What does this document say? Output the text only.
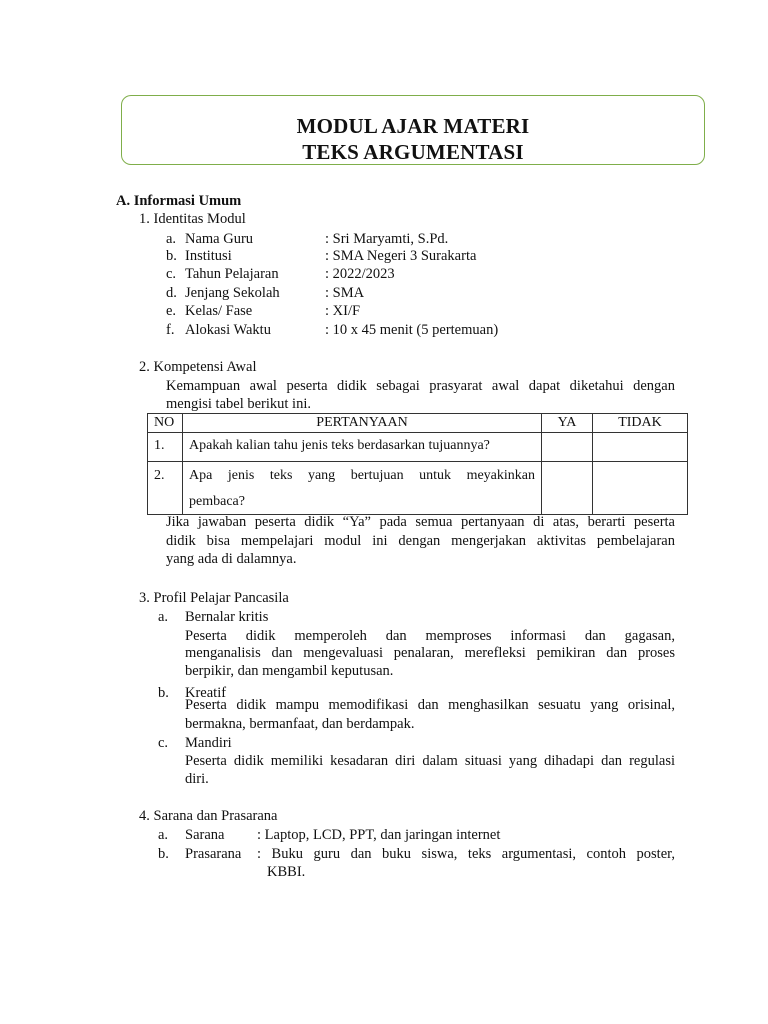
MODUL AJAR MATERI
TEKS ARGUMENTASI
A. Informasi Umum
1. Identitas Modul
a. Nama Guru	: Sri Maryamti, S.Pd.
b. Institusi	: SMA Negeri 3 Surakarta
c. Tahun Pelajaran	: 2022/2023
d. Jenjang Sekolah	: SMA
e. Kelas/ Fase	: XI/F
f. Alokasi Waktu	: 10 x 45 menit (5 pertemuan)
2. Kompetensi Awal
Kemampuan awal peserta didik sebagai prasyarat awal dapat diketahui dengan
mengisi tabel berikut ini.
NO	PERTANYAAN	YA	TIDAK
1.	Apakah kalian tahu jenis teks berdasarkan tujuannya?		
2.	Apa jenis teks yang bertujuan untuk meyakinkan
pembaca?		

Jika jawaban peserta didik “Ya” pada semua pertanyaan di atas, berarti peserta
didik bisa mempelajari modul ini dengan mengerjakan aktivitas pembelajaran
yang ada di dalamnya.
3. Profil Pelajar Pancasila
a. Bernalar kritis
Peserta didik memperoleh dan memproses informasi dan gagasan,
menganalisis dan mengevaluasi penalaran, merefleksi pemikiran dan proses
berpikir, dan mengambil keputusan.
b. Kreatif
Peserta didik mampu memodifikasi dan menghasilkan sesuatu yang orisinal,
bermakna, bermanfaat, dan berdampak.
c. Mandiri
Peserta didik memiliki kesadaran diri dalam situasi yang dihadapi dan regulasi
diri.
4. Sarana dan Prasarana
a. Sarana : Laptop, LCD, PPT, dan jaringan internet
b. Prasarana : Buku guru dan buku siswa, teks argumentasi, contoh poster,
KBBI.
